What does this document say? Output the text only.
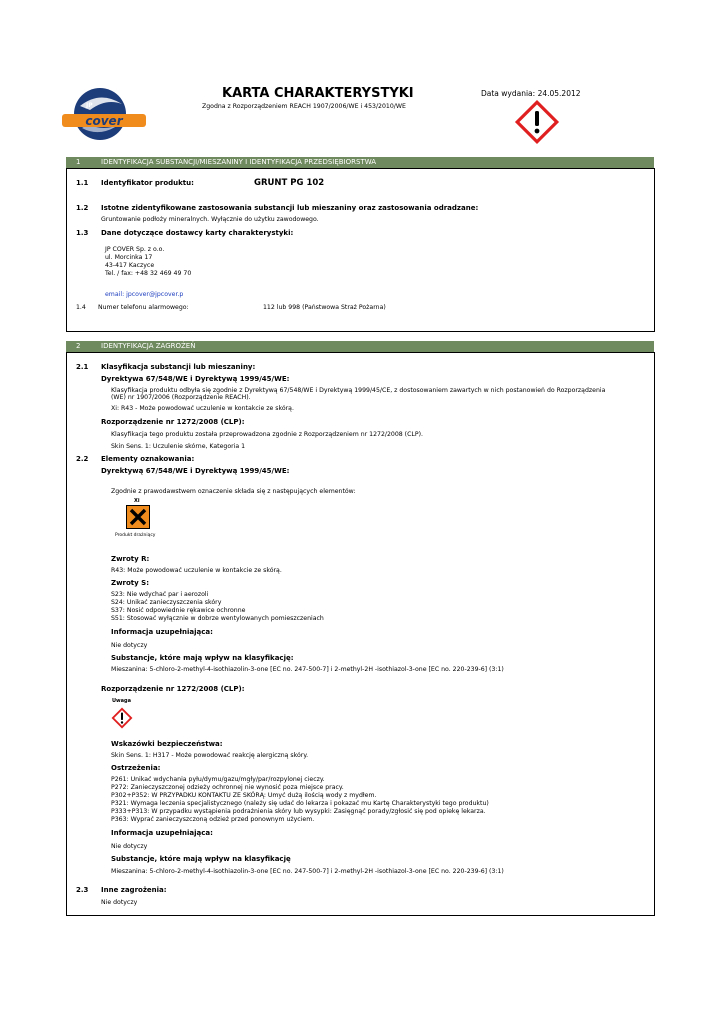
cover
JP
KARTA CHARAKTERYSTYKI
Zgodna z Rozporządzeniem REACH 1907/2006/WE i 453/2010/WE
Data wydania: 24.05.2012
1	IDENTYFIKACJA SUBSTANCJI/MIESZANINY I IDENTYFIKACJA PRZEDSIĘBIORSTWA
1.1 Identyfikator produktu:	GRUNT PG 102
1.2 Istotne zidentyfikowane zastosowania substancji lub mieszaniny oraz zastosowania odradzane:
Gruntowanie podłoży mineralnych. Wyłącznie do użytku zawodowego.
1.3 Dane dotyczące dostawcy karty charakterystyki:
JP COVER Sp. z o.o.
ul. Morcinka 17
43-417 Kaczyce
Tel. / fax: +48 32 469 49 70
email: jpcover@jpcover.p
1.4 Numer telefonu alarmowego:	112 lub 998 (Państwowa Straż Pożarna)
2	IDENTYFIKACJA ZAGROŻEŃ
2.1 Klasyfikacja substancji lub mieszaniny:
Dyrektywa 67/548/WE i Dyrektywą 1999/45/WE:
Klasyfikacja produktu odbyła się zgodnie z Dyrektywą 67/548/WE i Dyrektywą 1999/45/CE, z dostosowaniem zawartych w nich postanowień do Rozporządzenia
(WE) nr 1907/2006 (Rozporządzenie REACH).
Xi: R43 - Może powodować uczulenie w kontakcie ze skórą.
Rozporządzenie nr 1272/2008 (CLP):
Klasyfikacja tego produktu została przeprowadzona zgodnie z Rozporządzeniem nr 1272/2008 (CLP).
Skin Sens. 1: Uczulenie skórne, Kategoria 1
2.2 Elementy oznakowania:
Dyrektywą 67/548/WE i Dyrektywą 1999/45/WE:
Zgodnie z prawodawstwem oznaczenie składa się z następujących elementów:
Xi
Produkt drażniący
Zwroty R:
R43: Może powodować uczulenie w kontakcie ze skórą.
Zwroty S:
S23: Nie wdychać par i aerozoli
S24: Unikać zanieczyszczenia skóry
S37: Nosić odpowiednie rękawice ochronne
S51: Stosować wyłącznie w dobrze wentylowanych pomieszczeniach
Informacja uzupełniająca:
Nie dotyczy
Substancje, które mają wpływ na klasyfikację:
Mieszanina: 5-chloro-2-methyl-4-isothiazolin-3-one [EC no. 247-500-7] i 2-methyl-2H -isothiazol-3-one [EC no. 220-239-6] (3:1)
Rozporządzenie nr 1272/2008 (CLP):
Uwaga
Wskazówki bezpieczeństwa:
Skin Sens. 1: H317 - Może powodować reakcję alergiczną skóry.
Ostrzeżenia:
P261: Unikać wdychania pyłu/dymu/gazu/mgły/par/rozpylonej cieczy.
P272: Zanieczyszczonej odzieży ochronnej nie wynosić poza miejsce pracy.
P302+P352: W PRZYPADKU KONTAKTU ZE SKÓRĄ: Umyć dużą ilością wody z mydłem.
P321: Wymaga leczenia specjalistycznego (należy się udać do lekarza i pokazać mu Kartę Charakterystyki tego produktu)
P333+P313: W przypadku wystąpienia podrażnienia skóry lub wysypki: Zasięgnąć porady/zgłosić się pod opiekę lekarza.
P363: Wyprać zanieczyszczoną odzież przed ponownym użyciem.
Informacja uzupełniająca:
Nie dotyczy
Substancje, które mają wpływ na klasyfikację
Mieszanina: 5-chloro-2-methyl-4-isothiazolin-3-one [EC no. 247-500-7] i 2-methyl-2H -isothiazol-3-one [EC no. 220-239-6] (3:1)
2.3 Inne zagrożenia:
Nie dotyczy
